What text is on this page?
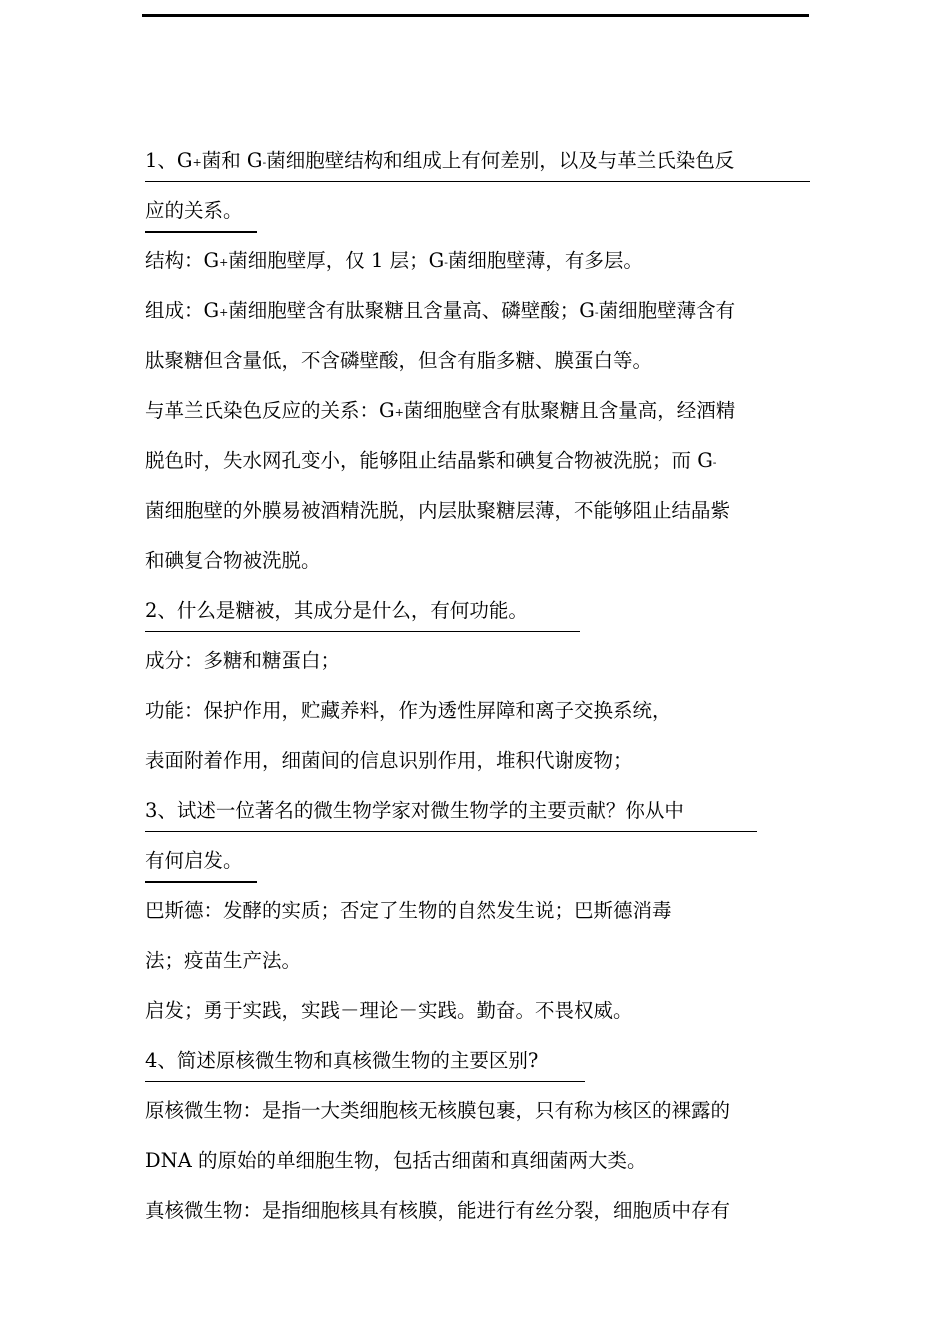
1、G+菌和 G-菌细胞壁结构和组成上有何差别，以及与革兰氏染色反
应的关系。
结构：G+菌细胞壁厚，仅 1 层；G-菌细胞壁薄，有多层。
组成：G+菌细胞壁含有肽聚糖且含量高、磷壁酸；G-菌细胞壁薄含有
肽聚糖但含量低，不含磷壁酸，但含有脂多糖、膜蛋白等。
与革兰氏染色反应的关系：G+菌细胞壁含有肽聚糖且含量高，经酒精
脱色时，失水网孔变小，能够阻止结晶紫和碘复合物被洗脱；而 G-
菌细胞壁的外膜易被酒精洗脱，内层肽聚糖层薄，不能够阻止结晶紫
和碘复合物被洗脱。
2、什么是糖被，其成分是什么，有何功能。
成分：多糖和糖蛋白；
功能：保护作用，贮藏养料，作为透性屏障和离子交换系统，
表面附着作用，细菌间的信息识别作用，堆积代谢废物；
3、试述一位著名的微生物学家对微生物学的主要贡献？你从中
有何启发。
巴斯德：发酵的实质；否定了生物的自然发生说；巴斯德消毒
法；疫苗生产法。
启发；勇于实践，实践－理论－实践。勤奋。不畏权威。
4、简述原核微生物和真核微生物的主要区别?
原核微生物：是指一大类细胞核无核膜包裹，只有称为核区的裸露的
DNA 的原始的单细胞生物，包括古细菌和真细菌两大类。
真核微生物：是指细胞核具有核膜，能进行有丝分裂，细胞质中存有
